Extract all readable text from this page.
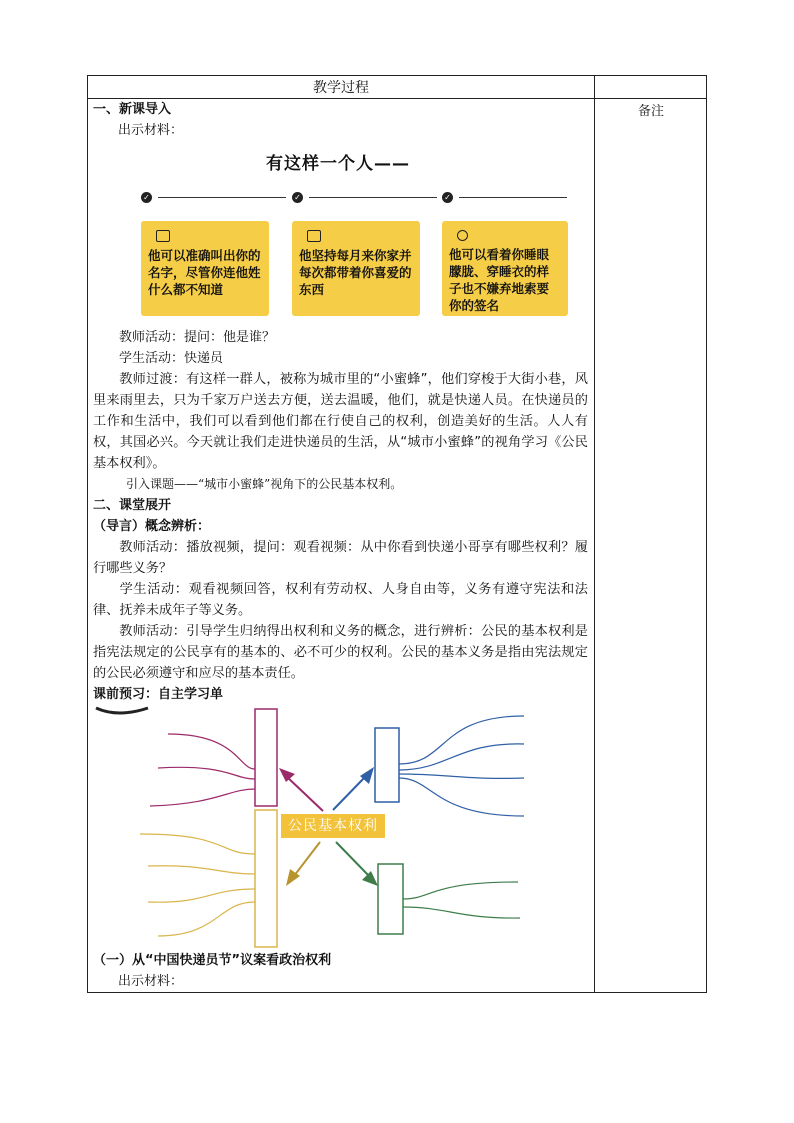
教学过程
备注
一、新课导入
出示材料：
有这样一个人——
✓	✓	✓
他可以准确叫出你的名字，尽管你连他姓什么都不知道
他坚持每月来你家并每次都带着你喜爱的东西
他可以看着你睡眼朦胧、穿睡衣的样子也不嫌弃地索要你的签名
教师活动：提问：他是谁？
学生活动：快递员
教师过渡：有这样一群人，被称为城市里的“小蜜蜂”，他们穿梭于大街小巷，风里来雨里去，只为千家万户送去方便，送去温暖，他们，就是快递人员。在快递员的工作和生活中，我们可以看到他们都在行使自己的权利，创造美好的生活。人人有权，其国必兴。今天就让我们走进快递员的生活，从“城市小蜜蜂”的视角学习《公民基本权利》。
引入课题——“城市小蜜蜂”视角下的公民基本权利。
二、课堂展开
（导言）概念辨析：
教师活动：播放视频，提问：观看视频：从中你看到快递小哥享有哪些权利？履行哪些义务？
学生活动：观看视频回答，权利有劳动权、人身自由等，义务有遵守宪法和法律、抚养未成年子等义务。
教师活动：引导学生归纳得出权利和义务的概念，进行辨析：公民的基本权利是指宪法规定的公民享有的基本的、必不可少的权利。公民的基本义务是指由宪法规定的公民必须遵守和应尽的基本责任。
课前预习：自主学习单
公民基本权利
（一）从“中国快递员节”议案看政治权利
出示材料：
